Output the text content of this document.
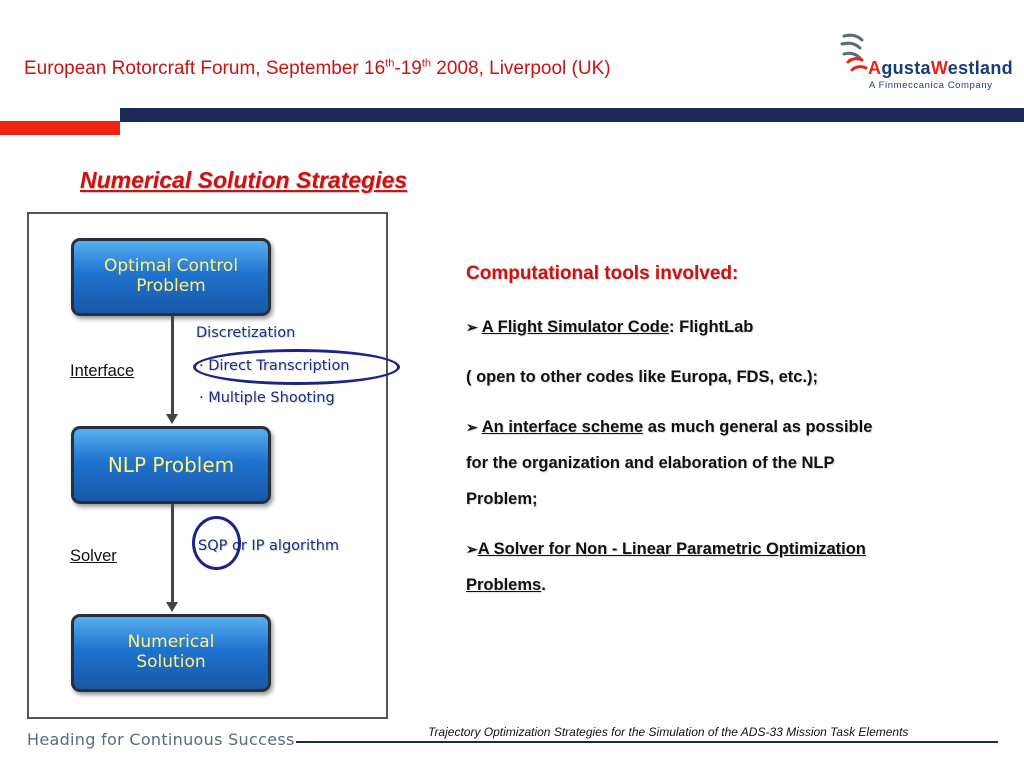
European Rotorcraft Forum, September 16th-19th 2008, Liverpool (UK)	AgustaWestland
A Finmeccanica Company
Numerical Solution Strategies
Optimal Control
Problem
NLP Problem
Numerical
Solution
Interface
Solver
Discretization
· Direct Transcription
· Multiple Shooting
SQP or IP algorithm
Computational tools involved:
➢ A Flight Simulator Code: FlightLab
( open to other codes like Europa, FDS, etc.);
➢ An interface scheme as much general as possible
for the organization and elaboration of the NLP
Problem;
➢A Solver for Non - Linear Parametric Optimization
Problems.
Heading for Continuous Success	Trajectory Optimization Strategies for the Simulation of the ADS-33 Mission Task Elements
